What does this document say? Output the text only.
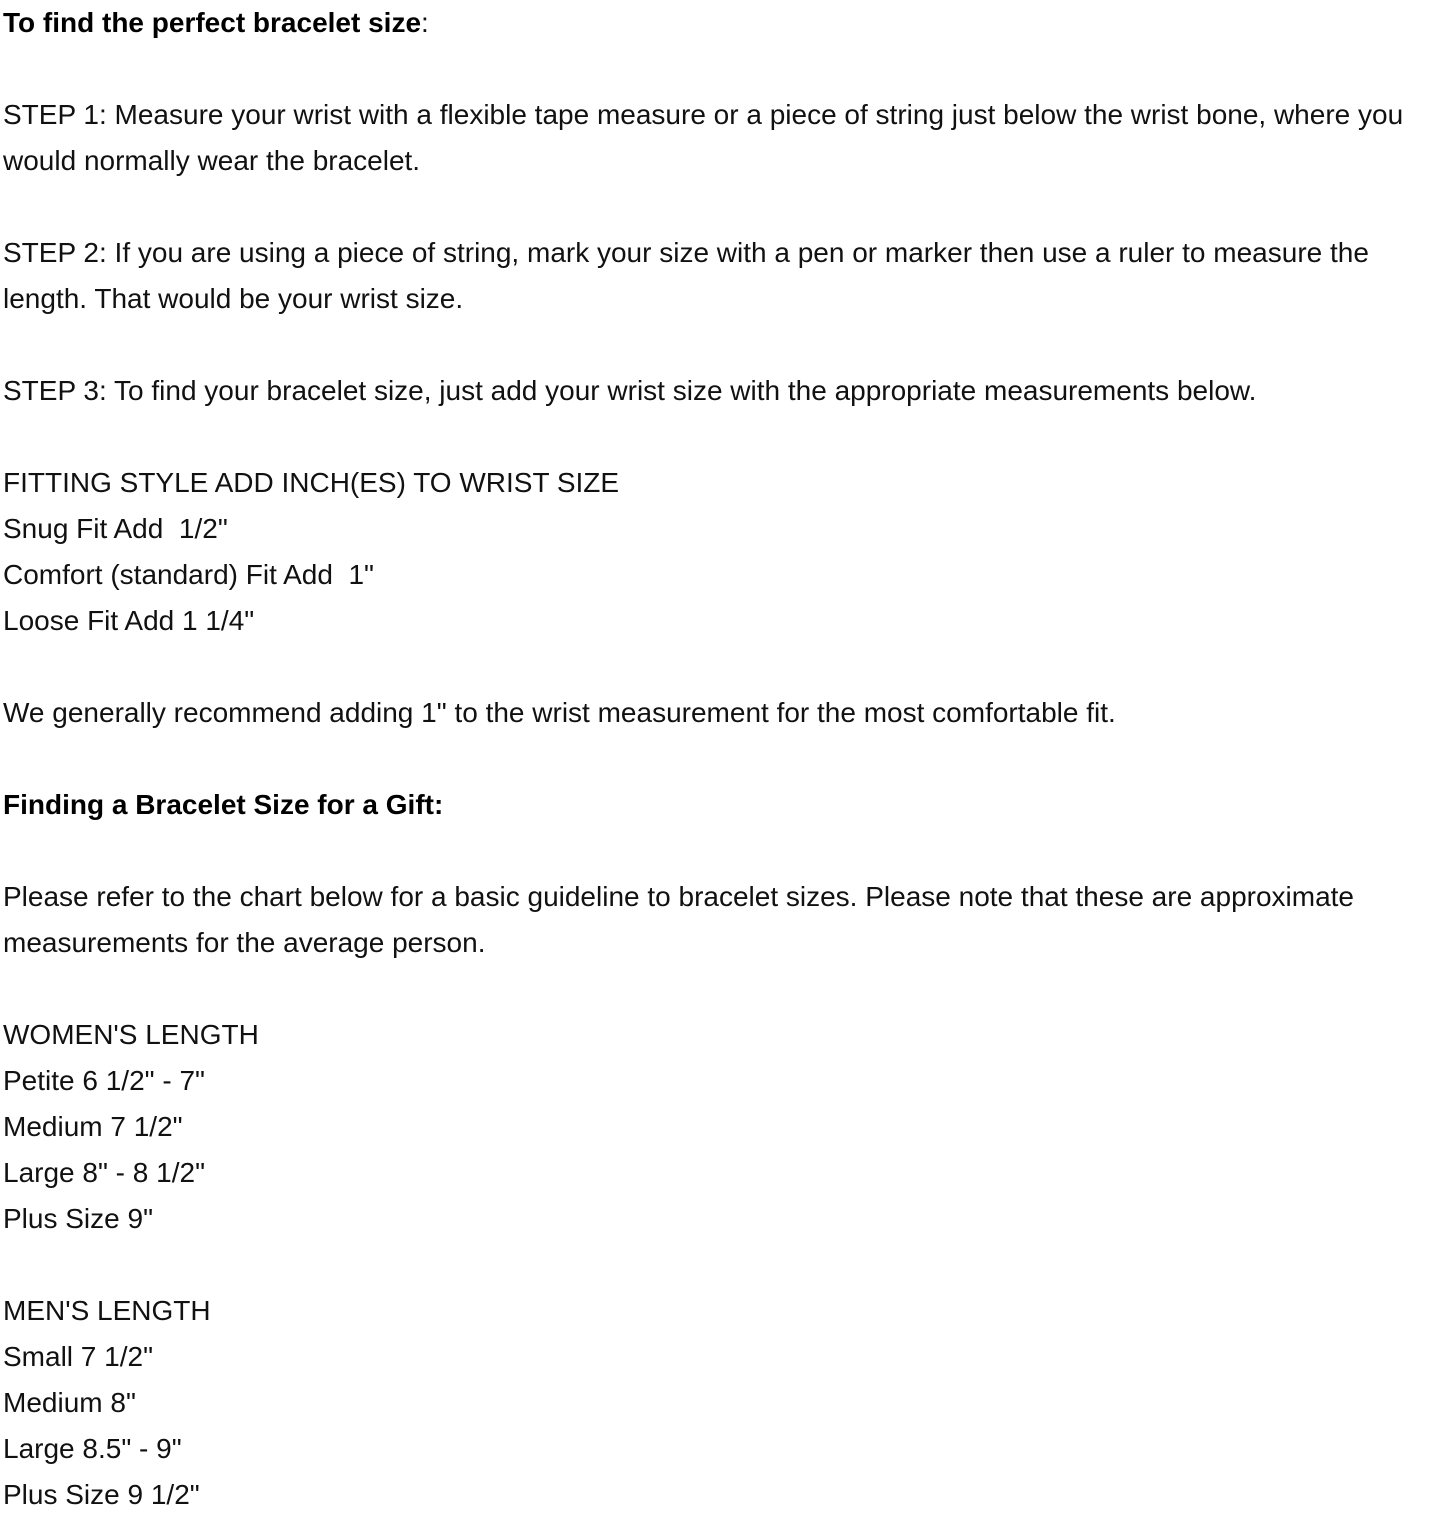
To find the perfect bracelet size:
STEP 1: Measure your wrist with a flexible tape measure or a piece of string just below the wrist bone, where you would normally wear the bracelet.
STEP 2: If you are using a piece of string, mark your size with a pen or marker then use a ruler to measure the length. That would be your wrist size.
STEP 3: To find your bracelet size, just add your wrist size with the appropriate measurements below.
FITTING STYLE ADD INCH(ES) TO WRIST SIZE
Snug Fit Add  1/2"
Comfort (standard) Fit Add  1"
Loose Fit Add 1 1/4"
We generally recommend adding 1" to the wrist measurement for the most comfortable fit.
Finding a Bracelet Size for a Gift:
Please refer to the chart below for a basic guideline to bracelet sizes. Please note that these are approximate measurements for the average person.
WOMEN'S LENGTH
Petite 6 1/2" - 7"
Medium 7 1/2"
Large 8" - 8 1/2"
Plus Size 9"
MEN'S LENGTH
Small 7 1/2"
Medium 8"
Large 8.5" - 9"
Plus Size 9 1/2"
